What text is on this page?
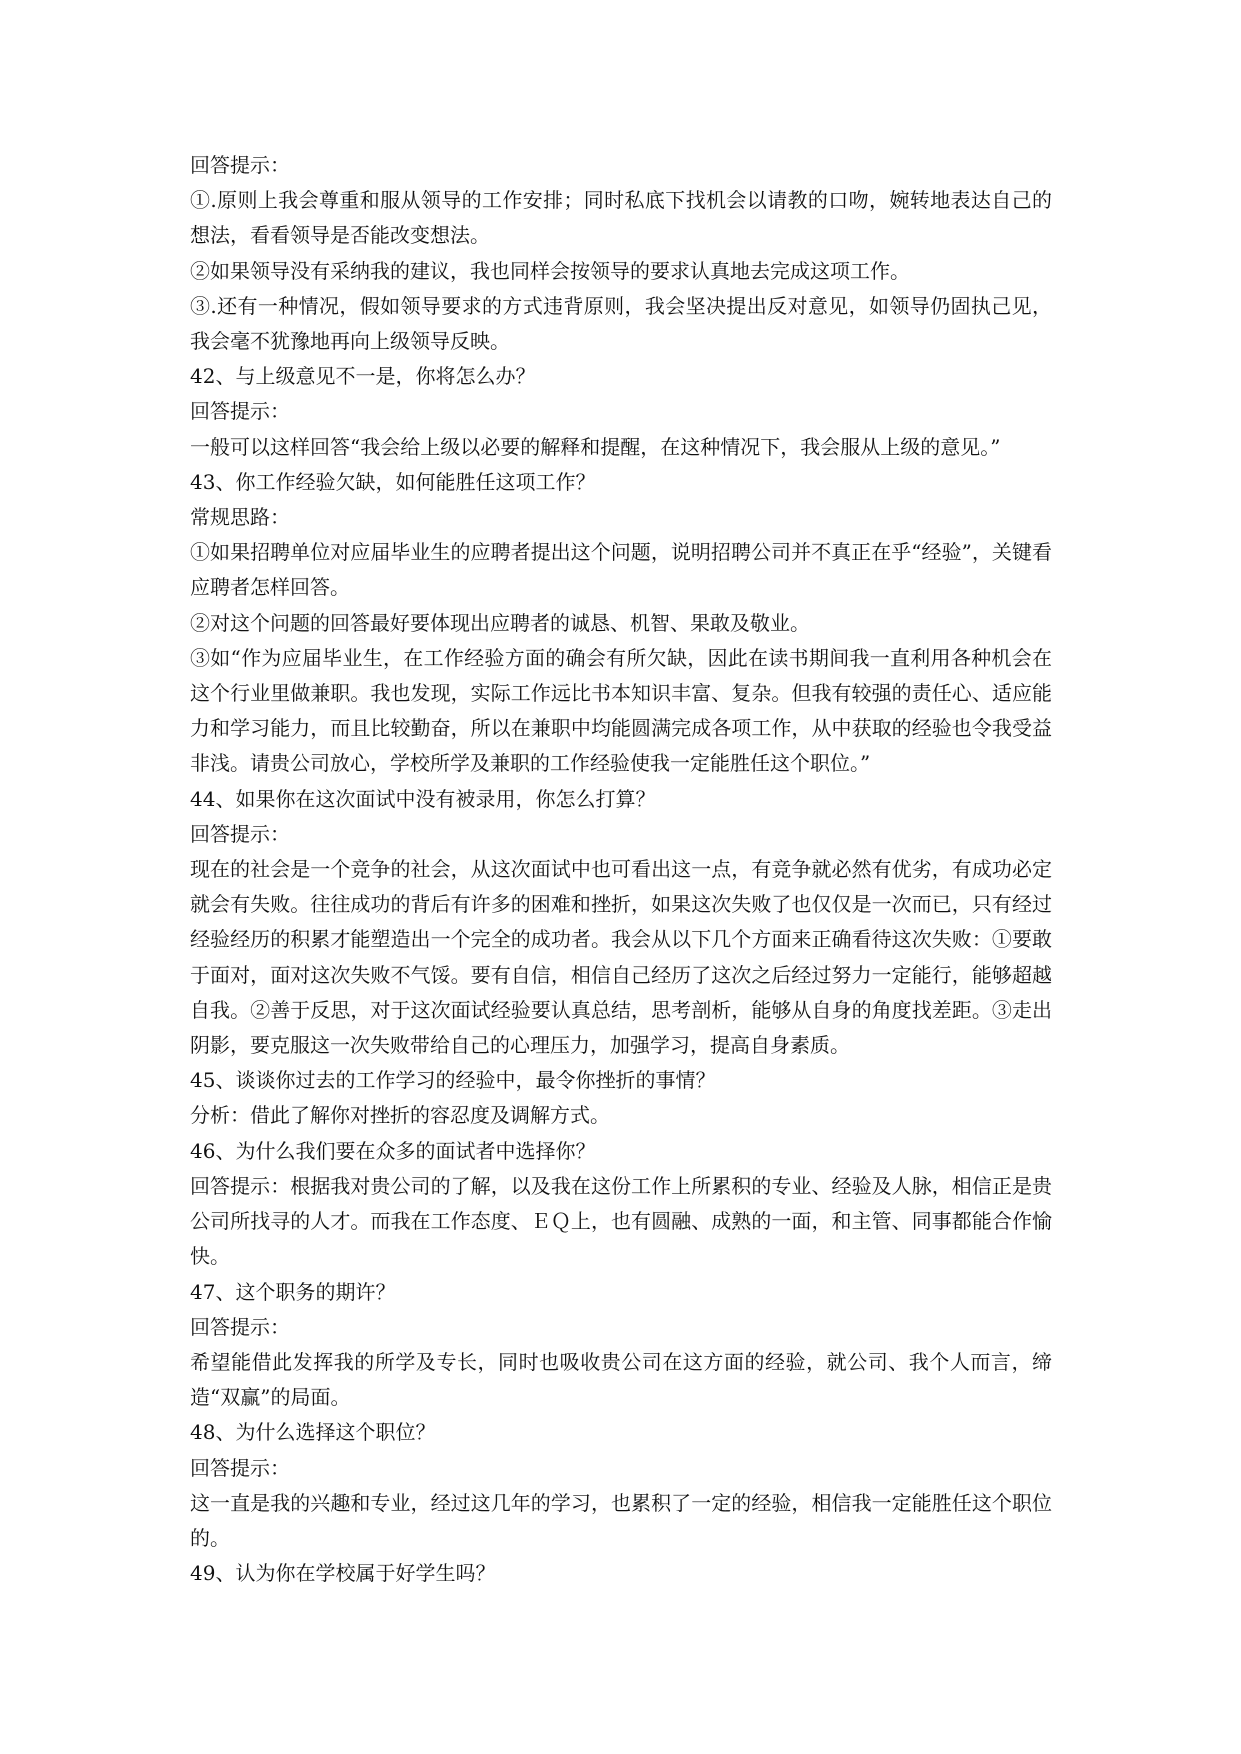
回答提示：

①.原则上我会尊重和服从领导的工作安排；同时私底下找机会以请教的口吻，婉转地表达自己的想法，看看领导是否能改变想法。

②如果领导没有采纳我的建议，我也同样会按领导的要求认真地去完成这项工作。

③.还有一种情况，假如领导要求的方式违背原则，我会坚决提出反对意见，如领导仍固执己见，我会毫不犹豫地再向上级领导反映。

42、与上级意见不一是，你将怎么办？

回答提示：

一般可以这样回答“我会给上级以必要的解释和提醒，在这种情况下，我会服从上级的意见。”

43、你工作经验欠缺，如何能胜任这项工作？

常规思路：

①如果招聘单位对应届毕业生的应聘者提出这个问题，说明招聘公司并不真正在乎“经验”，关键看应聘者怎样回答。

②对这个问题的回答最好要体现出应聘者的诚恳、机智、果敢及敬业。

③如“作为应届毕业生，在工作经验方面的确会有所欠缺，因此在读书期间我一直利用各种机会在这个行业里做兼职。我也发现，实际工作远比书本知识丰富、复杂。但我有较强的责任心、适应能力和学习能力，而且比较勤奋，所以在兼职中均能圆满完成各项工作，从中获取的经验也令我受益非浅。请贵公司放心，学校所学及兼职的工作经验使我一定能胜任这个职位。”

44、如果你在这次面试中没有被录用，你怎么打算？

回答提示：

现在的社会是一个竞争的社会，从这次面试中也可看出这一点，有竞争就必然有优劣，有成功必定就会有失败。往往成功的背后有许多的困难和挫折，如果这次失败了也仅仅是一次而已，只有经过经验经历的积累才能塑造出一个完全的成功者。我会从以下几个方面来正确看待这次失败：①要敢于面对，面对这次失败不气馁。要有自信，相信自己经历了这次之后经过努力一定能行，能够超越自我。②善于反思，对于这次面试经验要认真总结，思考剖析，能够从自身的角度找差距。③走出阴影，要克服这一次失败带给自己的心理压力，加强学习，提高自身素质。

45、谈谈你过去的工作学习的经验中，最令你挫折的事情？

分析：借此了解你对挫折的容忍度及调解方式。

46、为什么我们要在众多的面试者中选择你？

回答提示：根据我对贵公司的了解，以及我在这份工作上所累积的专业、经验及人脉，相信正是贵公司所找寻的人才。而我在工作态度、ＥＱ上，也有圆融、成熟的一面，和主管、同事都能合作愉快。

47、这个职务的期许？

回答提示：

希望能借此发挥我的所学及专长，同时也吸收贵公司在这方面的经验，就公司、我个人而言，缔造“双赢”的局面。

48、为什么选择这个职位？

回答提示：

这一直是我的兴趣和专业，经过这几年的学习，也累积了一定的经验，相信我一定能胜任这个职位的。

49、认为你在学校属于好学生吗？
